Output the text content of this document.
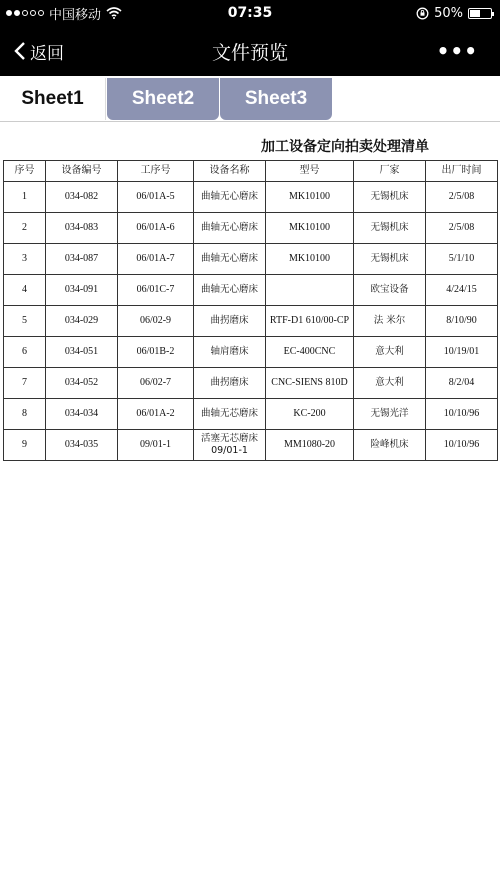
中国移动	07:35	50%
返回	文件预览	•••
Sheet1	Sheet2	Sheet3
加工设备定向拍卖处理清单
序号	设备编号	工序号	设备名称	型号	厂家	出厂时间
1	034-082	06/01A-5	曲轴无心磨床	MK10100	无锡机床	2/5/08
2	034-083	06/01A-6	曲轴无心磨床	MK10100	无锡机床	2/5/08
3	034-087	06/01A-7	曲轴无心磨床	MK10100	无锡机床	5/1/10
4	034-091	06/01C-7	曲轴无心磨床		欧宝设备	4/24/15
5	034-029	06/02-9	曲拐磨床	RTF-D1 610/00-CP	法 米尔	8/10/90
6	034-051	06/01B-2	轴肩磨床	EC-400CNC	意大利	10/19/01
7	034-052	06/02-7	曲拐磨床	CNC-SIENS 810D	意大利	8/2/04
8	034-034	06/01A-2	曲轴无芯磨床	KC-200	无锡光洋	10/10/96
9	034-035	09/01-1	活塞无芯磨床09/01-1	MM1080-20	险峰机床	10/10/96
